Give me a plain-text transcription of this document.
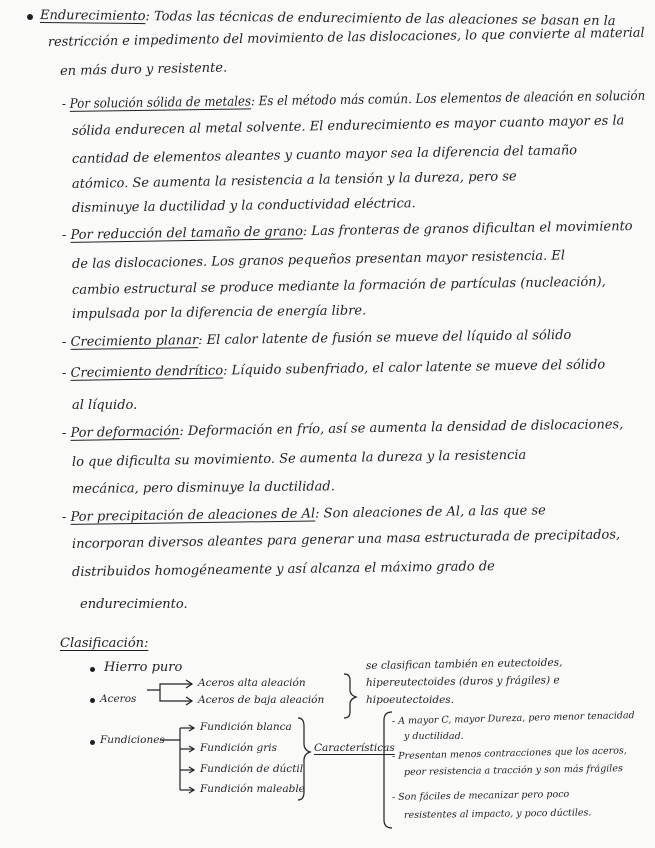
Endurecimiento: Todas las técnicas de endurecimiento de las aleaciones se basan en la
restricción e impedimento del movimiento de las dislocaciones, lo que convierte al material
en más duro y resistente.
- Por solución sólida de metales: Es el método más común. Los elementos de aleación en solución
sólida endurecen al metal solvente. El endurecimiento es mayor cuanto mayor es la
cantidad de elementos aleantes y cuanto mayor sea la diferencia del tamaño
atómico. Se aumenta la resistencia a la tensión y la dureza, pero se
disminuye la ductilidad y la conductividad eléctrica.
- Por reducción del tamaño de grano: Las fronteras de granos dificultan el movimiento
de las dislocaciones. Los granos pequeños presentan mayor resistencia. El
cambio estructural se produce mediante la formación de partículas (nucleación),
impulsada por la diferencia de energía libre.
- Crecimiento planar: El calor latente de fusión se mueve del líquido al sólido
- Crecimiento dendrítico: Líquido subenfriado, el calor latente se mueve del sólido
al líquido.
- Por deformación: Deformación en frío, así se aumenta la densidad de dislocaciones,
lo que dificulta su movimiento. Se aumenta la dureza y la resistencia
mecánica, pero disminuye la ductilidad.
- Por precipitación de aleaciones de Al: Son aleaciones de Al, a las que se
incorporan diversos aleantes para generar una masa estructurada de precipitados,
distribuidos homogéneamente y así alcanza el máximo grado de
endurecimiento.
Clasificación:
Hierro puro
Aceros
Aceros alta aleación
Aceros de baja aleación
se clasifican también en eutectoides,
hipereutectoides (duros y frágiles) e
hipoeutectoides.
Fundiciones
Fundición blanca
Fundición gris
Fundición de dúctil
Fundición maleable
Características
- A mayor C, mayor Dureza, pero menor tenacidad
y ductilidad.
- Presentan menos contracciones que los aceros,
peor resistencia a tracción y son más frágiles
- Son fáciles de mecanizar pero poco
resistentes al impacto, y poco dúctiles.
